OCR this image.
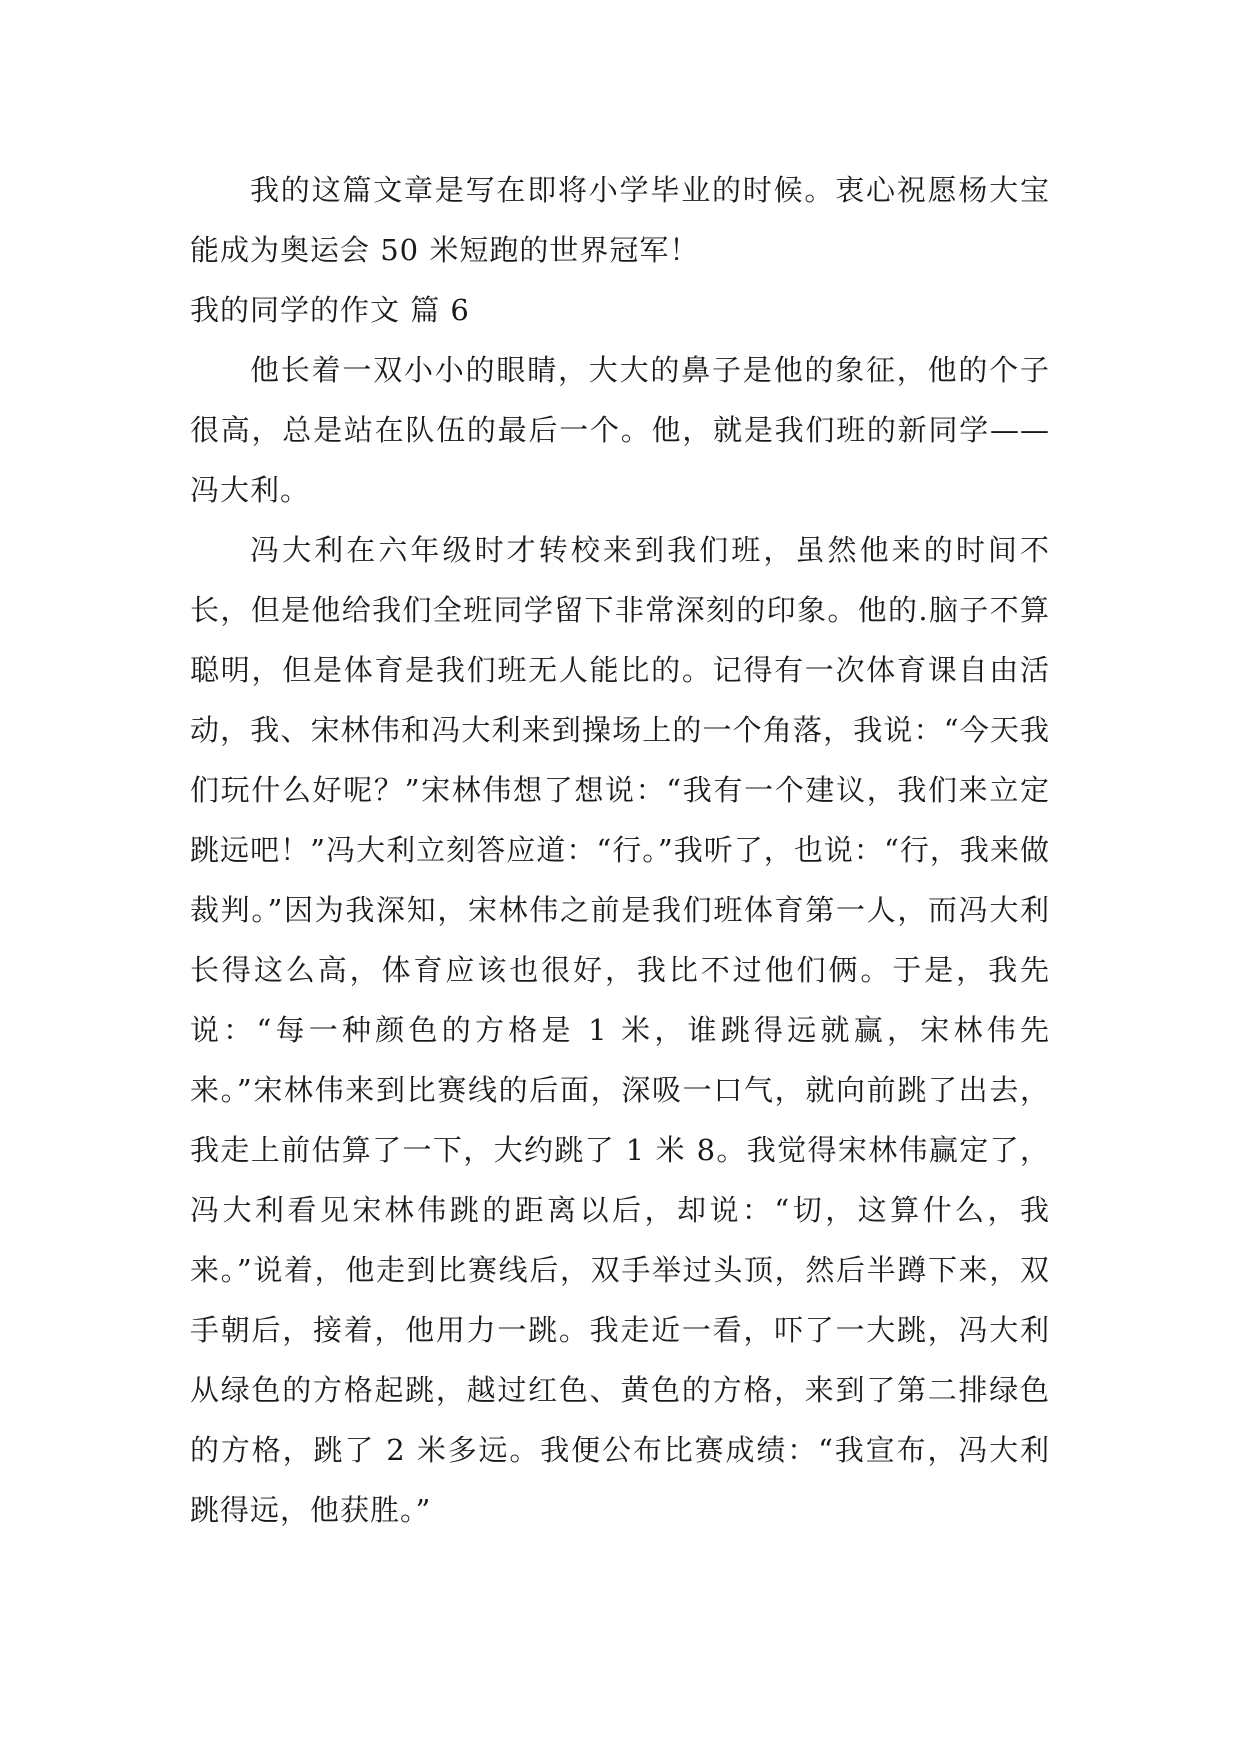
我的这篇文章是写在即将小学毕业的时候。衷心祝愿杨大宝能成为奥运会 50 米短跑的世界冠军！

我的同学的作文 篇 6

他长着一双小小的眼睛，大大的鼻子是他的象征，他的个子很高，总是站在队伍的最后一个。他，就是我们班的新同学——冯大利。

冯大利在六年级时才转校来到我们班，虽然他来的时间不长，但是他给我们全班同学留下非常深刻的印象。他的.脑子不算聪明，但是体育是我们班无人能比的。记得有一次体育课自由活动，我、宋林伟和冯大利来到操场上的一个角落，我说：“今天我们玩什么好呢？”宋林伟想了想说：“我有一个建议，我们来立定跳远吧！”冯大利立刻答应道：“行。”我听了，也说：“行，我来做裁判。”因为我深知，宋林伟之前是我们班体育第一人，而冯大利长得这么高，体育应该也很好，我比不过他们俩。于是，我先说：“每一种颜色的方格是 1 米，谁跳得远就赢，宋林伟先来。”宋林伟来到比赛线的后面，深吸一口气，就向前跳了出去，我走上前估算了一下，大约跳了 1 米 8。我觉得宋林伟赢定了，冯大利看见宋林伟跳的距离以后，却说：“切，这算什么，我来。”说着，他走到比赛线后，双手举过头顶，然后半蹲下来，双手朝后，接着，他用力一跳。我走近一看，吓了一大跳，冯大利从绿色的方格起跳，越过红色、黄色的方格，来到了第二排绿色的方格，跳了 2 米多远。我便公布比赛成绩：“我宣布，冯大利跳得远，他获胜。”
